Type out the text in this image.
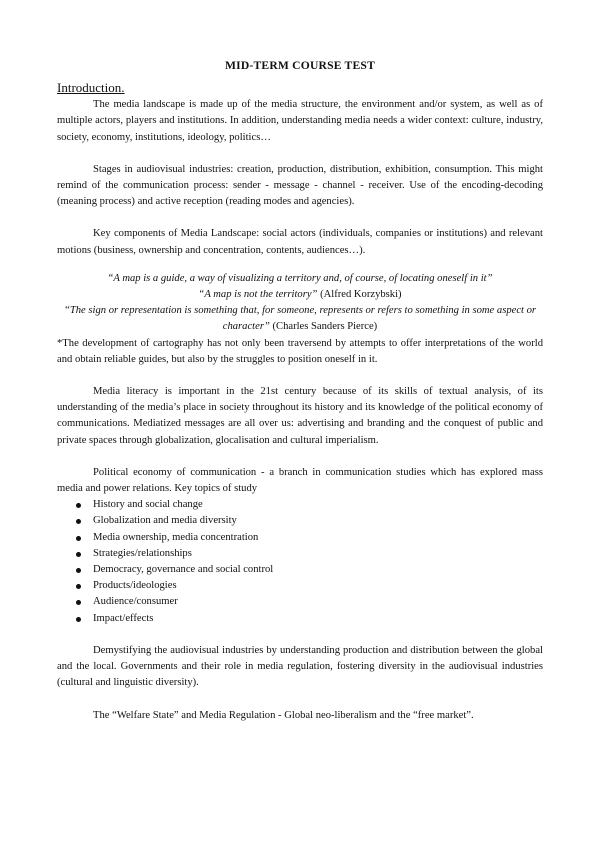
MID-TERM COURSE TEST
Introduction.

The media landscape is made up of the media structure, the environment and/or system, as well as of multiple actors, players and institutions. In addition, understanding media needs a wider context: culture, industry, society, economy, institutions, ideology, politics…

Stages in audiovisual industries: creation, production, distribution, exhibition, consumption. This might remind of the communication process: sender - message - channel - receiver. Use of the encoding-decoding (meaning process) and active reception (reading modes and agencies).

Key components of Media Landscape: social actors (individuals, companies or institutions) and relevant motions (business, ownership and concentration, contents, audiences…).

“A map is a guide, a way of visualizing a territory and, of course, of locating oneself in it”

“A map is not the territory” (Alfred Korzybski)

“The sign or representation is something that, for someone, represents or refers to something in some aspect or character” (Charles Sanders Pierce)

*The development of cartography has not only been traversend by attempts to offer interpretations of the world and obtain reliable guides, but also by the struggles to position oneself in it.

Media literacy is important in the 21st century because of its skills of textual analysis, of its understanding of the media’s place in society throughout its history and its knowledge of the political economy of communications. Mediatized messages are all over us: advertising and branding and the conquest of public and private spaces through globalization, glocalisation and cultural imperialism.

Political economy of communication - a branch in communication studies which has explored mass media and power relations. Key topics of study

History and social change
Globalization and media diversity
Media ownership, media concentration
Strategies/relationships
Democracy, governance and social control
Products/ideologies
Audience/consumer
Impact/effects

Demystifying the audiovisual industries by understanding production and distribution between the global and the local. Governments and their role in media regulation, fostering diversity in the audiovisual industries (cultural and linguistic diversity).

The “Welfare State” and Media Regulation - Global neo-liberalism and the “free market”.
